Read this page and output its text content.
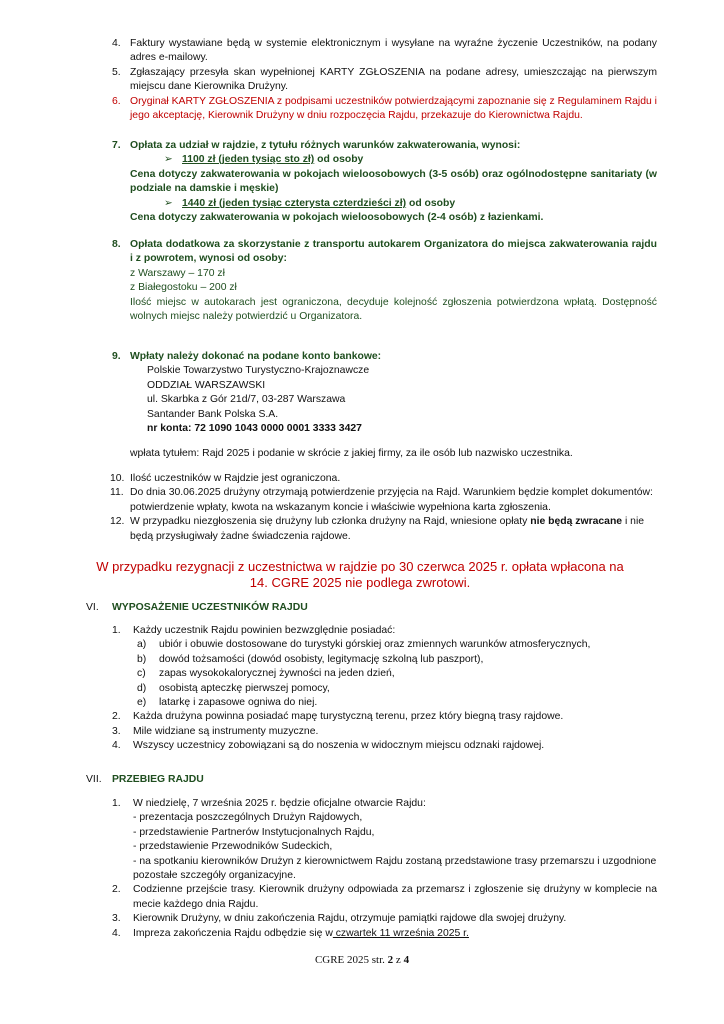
4. Faktury wystawiane będą w systemie elektronicznym i wysyłane na wyraźne życzenie Uczestników, na podany adres e-mailowy.
5. Zgłaszający przesyła skan wypełnionej KARTY ZGŁOSZENIA na podane adresy, umieszczając na pierwszym miejscu dane Kierownika Drużyny.
6. Oryginał KARTY ZGŁOSZENIA z podpisami uczestników potwierdzającymi zapoznanie się z Regulaminem Rajdu i jego akceptację, Kierownik Drużyny w dniu rozpoczęcia Rajdu, przekazuje do Kierownictwa Rajdu.
7. Opłata za udział w rajdzie, z tytułu różnych warunków zakwaterowania, wynosi:
➢ 1100 zł (jeden tysiąc sto zł) od osoby
Cena dotyczy zakwaterowania w pokojach wieloosobowych (3-5 osób) oraz ogólnodostępne sanitariaty (w podziale na damskie i męskie)
➢ 1440 zł (jeden tysiąc czterysta czterdzieści zł) od osoby
Cena dotyczy zakwaterowania w pokojach wieloosobowych (2-4 osób) z łazienkami.
8. Opłata dodatkowa za skorzystanie z transportu autokarem Organizatora do miejsca zakwaterowania rajdu i z powrotem, wynosi od osoby:
z Warszawy – 170 zł
z Białegostoku – 200 zł
Ilość miejsc w autokarach jest ograniczona, decyduje kolejność zgłoszenia potwierdzona wpłatą. Dostępność wolnych miejsc należy potwierdzić u Organizatora.
9. Wpłaty należy dokonać na podane konto bankowe:
Polskie Towarzystwo Turystyczno-Krajoznawcze
ODDZIAŁ WARSZAWSKI
ul. Skarbka z Gór 21d/7, 03-287 Warszawa
Santander Bank Polska S.A.
nr konta: 72 1090 1043 0000 0001 3333 3427
wpłata tytułem: Rajd 2025 i podanie w skrócie z jakiej firmy, za ile osób lub nazwisko uczestnika.
10. Ilość uczestników w Rajdzie jest ograniczona.
11. Do dnia 30.06.2025 drużyny otrzymają potwierdzenie przyjęcia na Rajd. Warunkiem będzie komplet dokumentów: potwierdzenie wpłaty, kwota na wskazanym koncie i właściwie wypełniona karta zgłoszenia.
12. W przypadku niezgłoszenia się drużyny lub członka drużyny na Rajd, wniesione opłaty nie będą zwracane i nie będą przysługiwały żadne świadczenia rajdowe.
W przypadku rezygnacji z uczestnictwa w rajdzie po 30 czerwca 2025 r. opłata wpłacona na 14. CGRE 2025 nie podlega zwrotowi.
VI. WYPOSAŻENIE UCZESTNIKÓW RAJDU
1. Każdy uczestnik Rajdu powinien bezwzględnie posiadać:
a) ubiór i obuwie dostosowane do turystyki górskiej oraz zmiennych warunków atmosferycznych,
b) dowód tożsamości (dowód osobisty, legitymację szkolną lub paszport),
c) zapas wysokokalorycznej żywności na jeden dzień,
d) osobistą apteczkę pierwszej pomocy,
e) latarkę i zapasowe ogniwa do niej.
2. Każda drużyna powinna posiadać mapę turystyczną terenu, przez który biegną trasy rajdowe.
3. Mile widziane są instrumenty muzyczne.
4. Wszyscy uczestnicy zobowiązani są do noszenia w widocznym miejscu odznaki rajdowej.
VII. PRZEBIEG RAJDU
1. W niedzielę, 7 września 2025 r. będzie oficjalne otwarcie Rajdu:
- prezentacja poszczególnych Drużyn Rajdowych,
- przedstawienie Partnerów Instytucjonalnych Rajdu,
- przedstawienie Przewodników Sudeckich,
- na spotkaniu kierowników Drużyn z kierownictwem Rajdu zostaną przedstawione trasy przemarszu i uzgodnione pozostałe szczegóły organizacyjne.
2. Codzienne przejście trasy. Kierownik drużyny odpowiada za przemarsz i zgłoszenie się drużyny w komplecie na mecie każdego dnia Rajdu.
3. Kierownik Drużyny, w dniu zakończenia Rajdu, otrzymuje pamiątki rajdowe dla swojej drużyny.
4. Impreza zakończenia Rajdu odbędzie się w czwartek 11 września 2025 r.
CGRE 2025 str. 2 z 4
